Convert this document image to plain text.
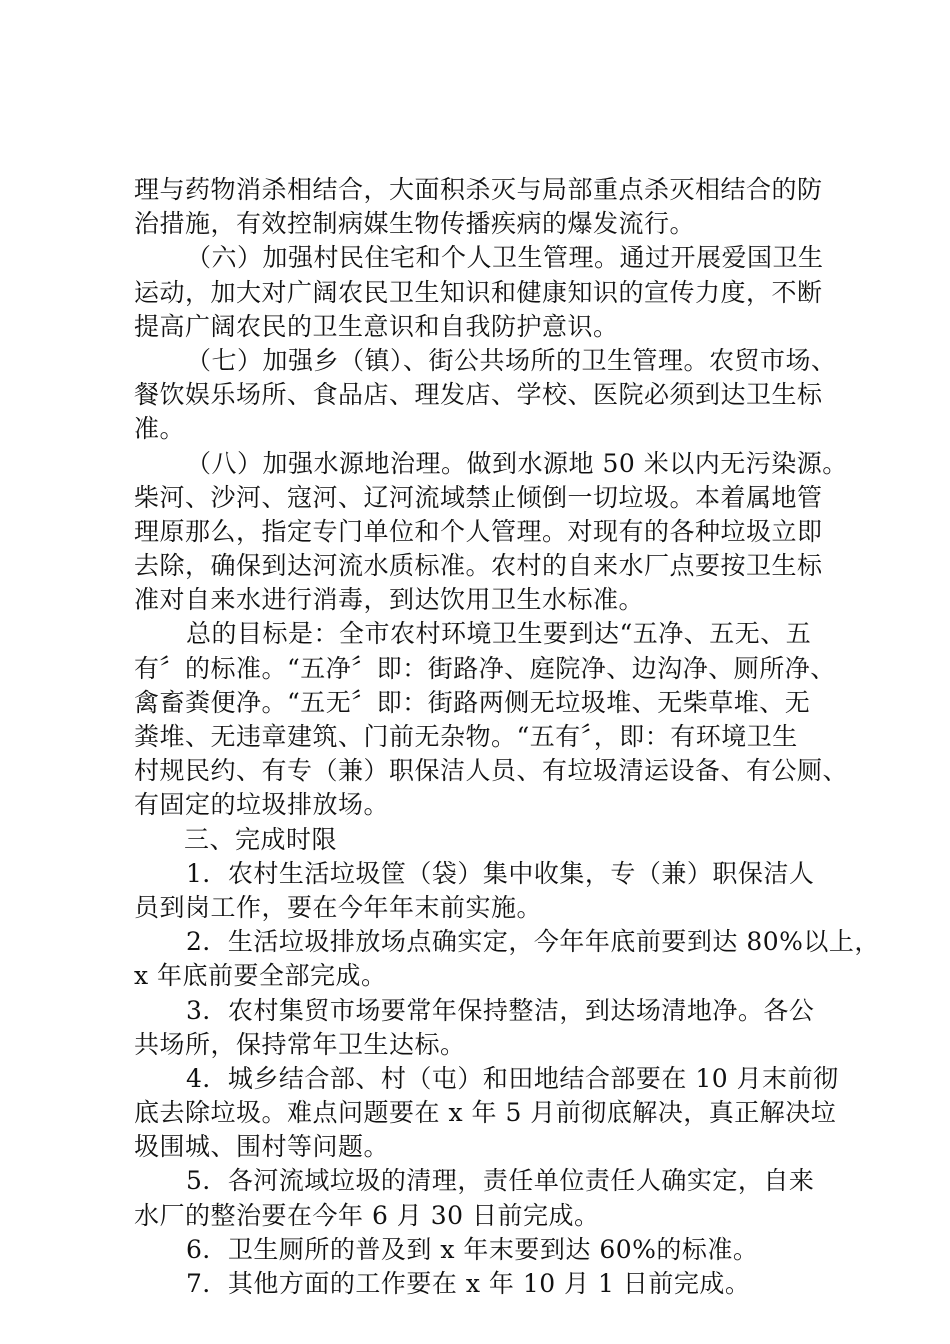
理与药物消杀相结合，大面积杀灭与局部重点杀灭相结合的防
治措施，有效控制病媒生物传播疾病的爆发流行。
（六）加强村民住宅和个人卫生管理。通过开展爱国卫生
运动，加大对广阔农民卫生知识和健康知识的宣传力度，不断
提高广阔农民的卫生意识和自我防护意识。
（七）加强乡（镇）、街公共场所的卫生管理。农贸市场、
餐饮娱乐场所、食品店、理发店、学校、医院必须到达卫生标
准。
（八）加强水源地治理。做到水源地 50 米以内无污染源。
柴河、沙河、寇河、辽河流域禁止倾倒一切垃圾。本着属地管
理原那么，指定专门单位和个人管理。对现有的各种垃圾立即
去除，确保到达河流水质标准。农村的自来水厂点要按卫生标
准对自来水进行消毒，到达饮用卫生水标准。
总的目标是：全市农村环境卫生要到达“五净、五无、五
有〞的标准。“五净〞即：街路净、庭院净、边沟净、厕所净、
禽畜粪便净。“五无〞即：街路两侧无垃圾堆、无柴草堆、无
粪堆、无违章建筑、门前无杂物。“五有〞，即：有环境卫生
村规民约、有专（兼）职保洁人员、有垃圾清运设备、有公厕、
有固定的垃圾排放场。
三、完成时限
1．农村生活垃圾筐（袋）集中收集，专（兼）职保洁人
员到岗工作，要在今年年末前实施。
2．生活垃圾排放场点确实定，今年年底前要到达 80%以上，
x 年底前要全部完成。
3．农村集贸市场要常年保持整洁，到达场清地净。各公
共场所，保持常年卫生达标。
4．城乡结合部、村（屯）和田地结合部要在 10 月末前彻
底去除垃圾。难点问题要在 x 年 5 月前彻底解决，真正解决垃
圾围城、围村等问题。
5．各河流域垃圾的清理，责任单位责任人确实定，自来
水厂的整治要在今年 6 月 30 日前完成。
6．卫生厕所的普及到 x 年末要到达 60%的标准。
7．其他方面的工作要在 x 年 10 月 1 日前完成。
